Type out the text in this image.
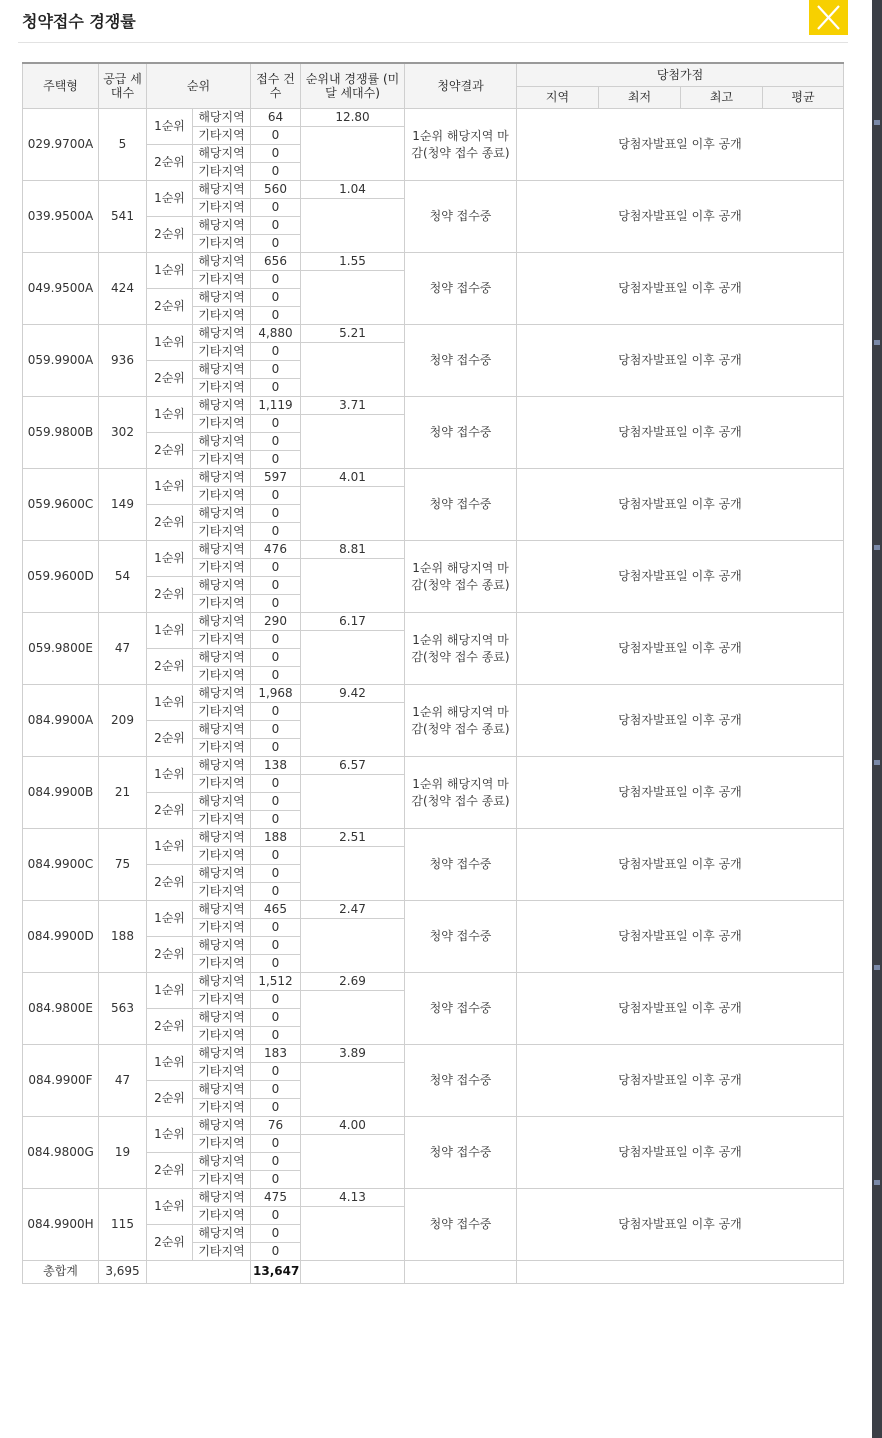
청약접수 경쟁률
주택형	공급 세대수	순위		접수 건수	순위내 경쟁률 (미달 세대수)	청약결과	당첨가점			
							지역	최저	최고	평균
029.9700A	5	1순위	해당지역	64	12.80	1순위 해당지역 마감(청약 접수 종료)	당첨자발표일 이후 공개			
			기타지역	0						
		2순위	해당지역	0						
			기타지역	0						
039.9500A	541	1순위	해당지역	560	1.04	청약 접수중	당첨자발표일 이후 공개			
			기타지역	0						
		2순위	해당지역	0						
			기타지역	0						
049.9500A	424	1순위	해당지역	656	1.55	청약 접수중	당첨자발표일 이후 공개			
			기타지역	0						
		2순위	해당지역	0						
			기타지역	0						
059.9900A	936	1순위	해당지역	4,880	5.21	청약 접수중	당첨자발표일 이후 공개			
			기타지역	0						
		2순위	해당지역	0						
			기타지역	0						
059.9800B	302	1순위	해당지역	1,119	3.71	청약 접수중	당첨자발표일 이후 공개			
			기타지역	0						
		2순위	해당지역	0						
			기타지역	0						
059.9600C	149	1순위	해당지역	597	4.01	청약 접수중	당첨자발표일 이후 공개			
			기타지역	0						
		2순위	해당지역	0						
			기타지역	0						
059.9600D	54	1순위	해당지역	476	8.81	1순위 해당지역 마감(청약 접수 종료)	당첨자발표일 이후 공개			
			기타지역	0						
		2순위	해당지역	0						
			기타지역	0						
059.9800E	47	1순위	해당지역	290	6.17	1순위 해당지역 마감(청약 접수 종료)	당첨자발표일 이후 공개			
			기타지역	0						
		2순위	해당지역	0						
			기타지역	0						
084.9900A	209	1순위	해당지역	1,968	9.42	1순위 해당지역 마감(청약 접수 종료)	당첨자발표일 이후 공개			
			기타지역	0						
		2순위	해당지역	0						
			기타지역	0						
084.9900B	21	1순위	해당지역	138	6.57	1순위 해당지역 마감(청약 접수 종료)	당첨자발표일 이후 공개			
			기타지역	0						
		2순위	해당지역	0						
			기타지역	0						
084.9900C	75	1순위	해당지역	188	2.51	청약 접수중	당첨자발표일 이후 공개			
			기타지역	0						
		2순위	해당지역	0						
			기타지역	0						
084.9900D	188	1순위	해당지역	465	2.47	청약 접수중	당첨자발표일 이후 공개			
			기타지역	0						
		2순위	해당지역	0						
			기타지역	0						
084.9800E	563	1순위	해당지역	1,512	2.69	청약 접수중	당첨자발표일 이후 공개			
			기타지역	0						
		2순위	해당지역	0						
			기타지역	0						
084.9900F	47	1순위	해당지역	183	3.89	청약 접수중	당첨자발표일 이후 공개			
			기타지역	0						
		2순위	해당지역	0						
			기타지역	0						
084.9800G	19	1순위	해당지역	76	4.00	청약 접수중	당첨자발표일 이후 공개			
			기타지역	0						
		2순위	해당지역	0						
			기타지역	0						
084.9900H	115	1순위	해당지역	475	4.13	청약 접수중	당첨자발표일 이후 공개			
			기타지역	0						
		2순위	해당지역	0						
			기타지역	0						
총합계	3,695			13,647						
